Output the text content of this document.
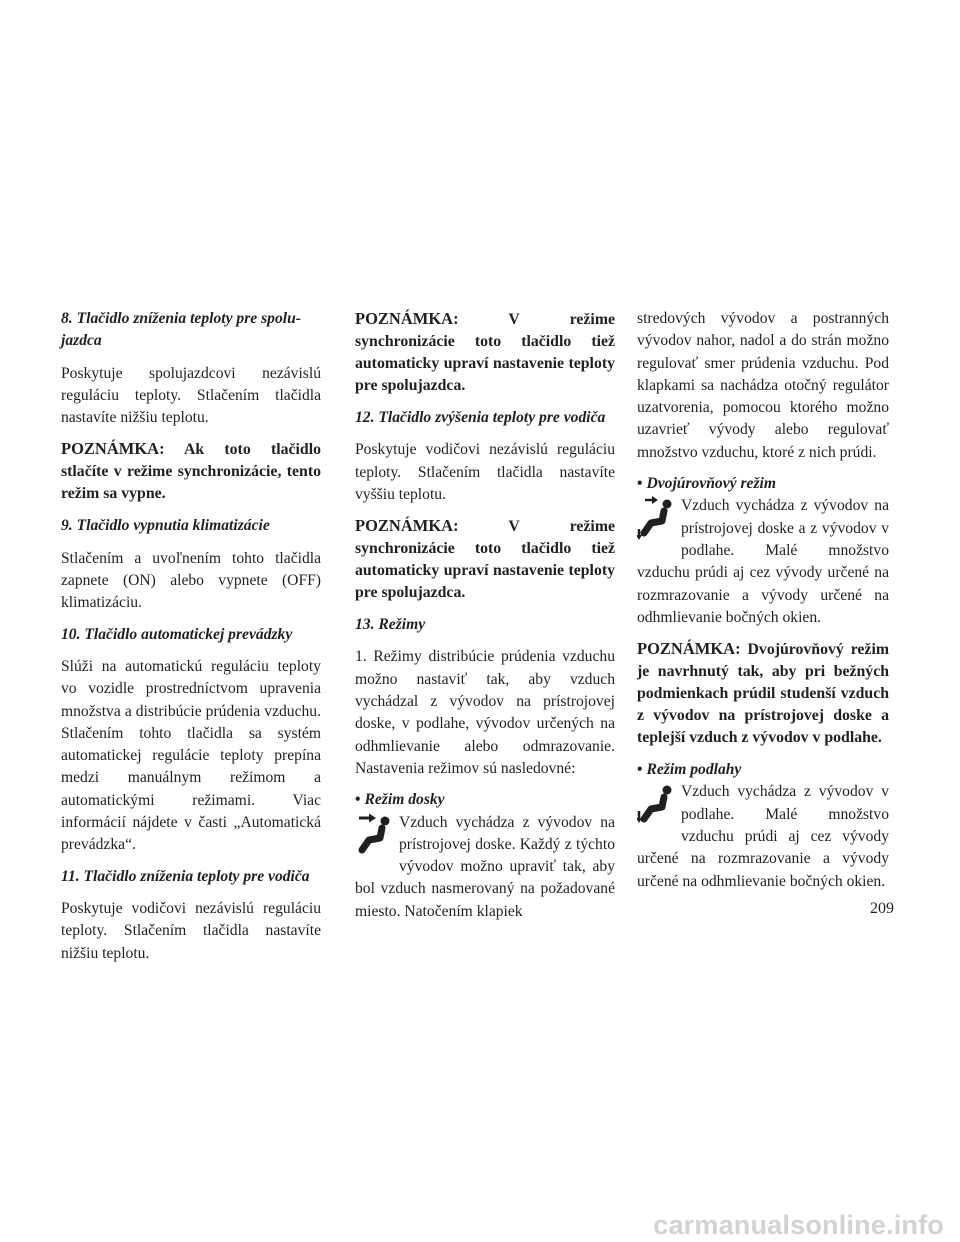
8. Tlačidlo zníženia teploty pre spolu-jazdca

Poskytuje spolujazdcovi nezávislú reguláciu teploty. Stlačením tlačidla nastavíte nižšiu teplotu.

POZNÁMKA: Ak toto tlačidlo stlačíte v režime synchronizácie, tento režim sa vypne.

9. Tlačidlo vypnutia klimatizácie

Stlačením a uvoľnením tohto tlačidla zapnete (ON) alebo vypnete (OFF) klimatizáciu.

10. Tlačidlo automatickej prevádzky

Slúži na automatickú reguláciu teploty vo vozidle prostredníctvom upravenia množstva a distribúcie prúdenia vzduchu. Stlačením tohto tlačidla sa systém automatickej regulácie teploty prepína medzi manuálnym režimom a automatickými režimami. Viac informácií nájdete v časti „Automatická prevádzka“.

11. Tlačidlo zníženia teploty pre vodiča

Poskytuje vodičovi nezávislú reguláciu teploty. Stlačením tlačidla nastavíte nižšiu teplotu.

POZNÁMKA: V režime synchronizácie toto tlačidlo tiež automaticky upraví nastavenie teploty pre spolujazdca.

12. Tlačidlo zvýšenia teploty pre vodiča

Poskytuje vodičovi nezávislú reguláciu teploty. Stlačením tlačidla nastavíte vyššiu teplotu.

POZNÁMKA: V režime synchronizácie toto tlačidlo tiež automaticky upraví nastavenie teploty pre spolujazdca.

13. Režimy

1. Režimy distribúcie prúdenia vzduchu možno nastaviť tak, aby vzduch vychádzal z vývodov na prístrojovej doske, v podlahe, vývodov určených na odhmlievanie alebo odmrazovanie. Nastavenia režimov sú nasledovné:

• Režim dosky

Vzduch vychádza z vývodov na prístrojovej doske. Každý z týchto vývodov možno upraviť tak, aby bol vzduch nasmerovaný na požadované miesto. Natočením klapiek

stredových vývodov a postranných vývodov nahor, nadol a do strán možno regulovať smer prúdenia vzduchu. Pod klapkami sa nachádza otočný regulátor uzatvorenia, pomocou ktorého možno uzavrieť vývody alebo regulovať množstvo vzduchu, ktoré z nich prúdi.

• Dvojúrovňový režim

Vzduch vychádza z vývodov na prístrojovej doske a z vývodov v podlahe. Malé množstvo vzduchu prúdi aj cez vývody určené na rozmrazovanie a vývody určené na odhmlievanie bočných okien.

POZNÁMKA: Dvojúrovňový režim je navrhnutý tak, aby pri bežných podmienkach prúdil studenší vzduch z vývodov na prístrojovej doske a teplejší vzduch z vývodov v podlahe.

• Režim podlahy

Vzduch vychádza z vývodov v podlahe. Malé množstvo vzduchu prúdi aj cez vývody určené na rozmrazovanie a vývody určené na odhmlievanie bočných okien.

209
carmanualsonline.info
